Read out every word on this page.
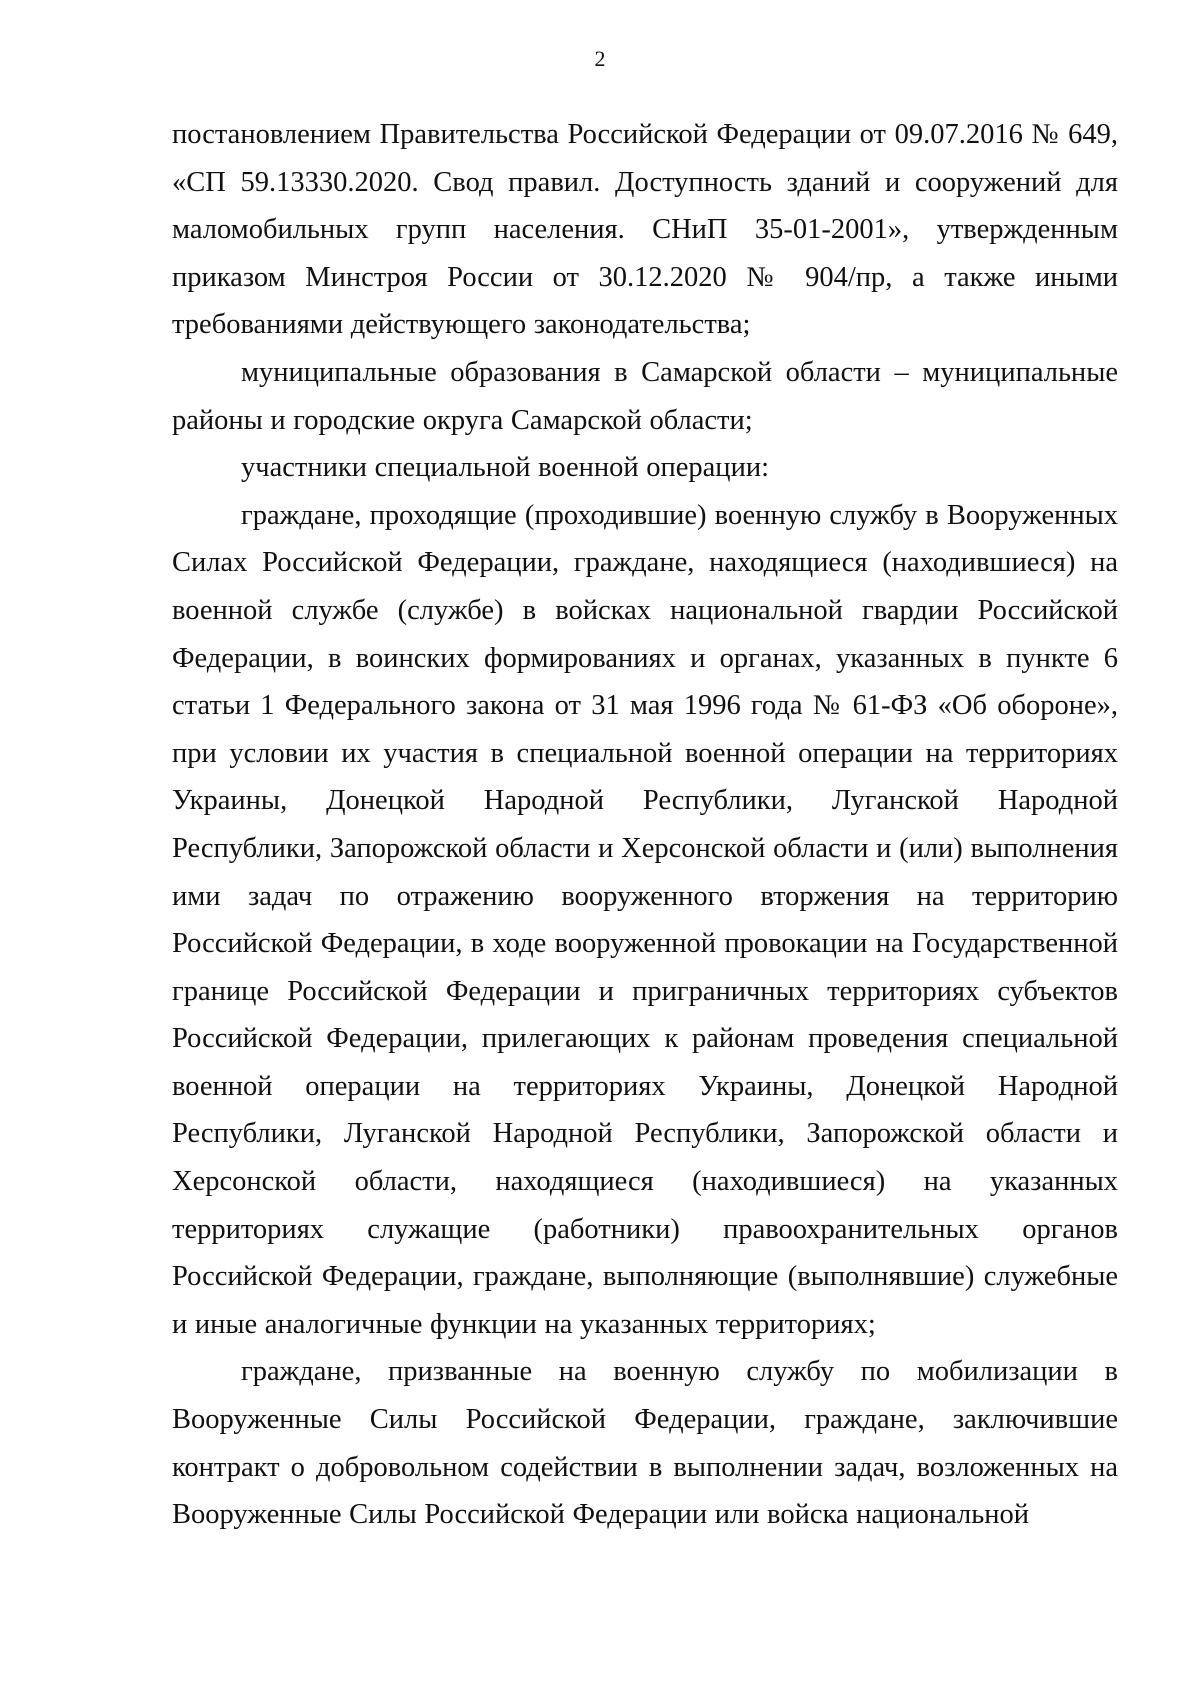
2

постановлением Правительства Российской Федерации от 09.07.2016 № 649, «СП 59.13330.2020. Свод правил. Доступность зданий и сооружений для маломобильных групп населения. СНиП 35-01-2001», утвержденным приказом Минстроя России от 30.12.2020 № 904/пр, а также иными требованиями действующего законодательства;

муниципальные образования в Самарской области – муниципальные районы и городские округа Самарской области;

участники специальной военной операции:

граждане, проходящие (проходившие) военную службу в Вооруженных Силах Российской Федерации, граждане, находящиеся (находившиеся) на военной службе (службе) в войсках национальной гвардии Российской Федерации, в воинских формированиях и органах, указанных в пункте 6 статьи 1 Федерального закона от 31 мая 1996 года № 61-ФЗ «Об обороне», при условии их участия в специальной военной операции на территориях Украины, Донецкой Народной Республики, Луганской Народной Республики, Запорожской области и Херсонской области и (или) выполнения ими задач по отражению вооруженного вторжения на территорию Российской Федерации, в ходе вооруженной провокации на Государственной границе Российской Федерации и приграничных территориях субъектов Российской Федерации, прилегающих к районам проведения специальной военной операции на территориях Украины, Донецкой Народной Республики, Луганской Народной Республики, Запорожской области и Херсонской области, находящиеся (находившиеся) на указанных территориях служащие (работники) правоохранительных органов Российской Федерации, граждане, выполняющие (выполнявшие) служебные и иные аналогичные функции на указанных территориях;

граждане, призванные на военную службу по мобилизации в Вооруженные Силы Российской Федерации, граждане, заключившие контракт о добровольном содействии в выполнении задач, возложенных на Вооруженные Силы Российской Федерации или войска национальной
